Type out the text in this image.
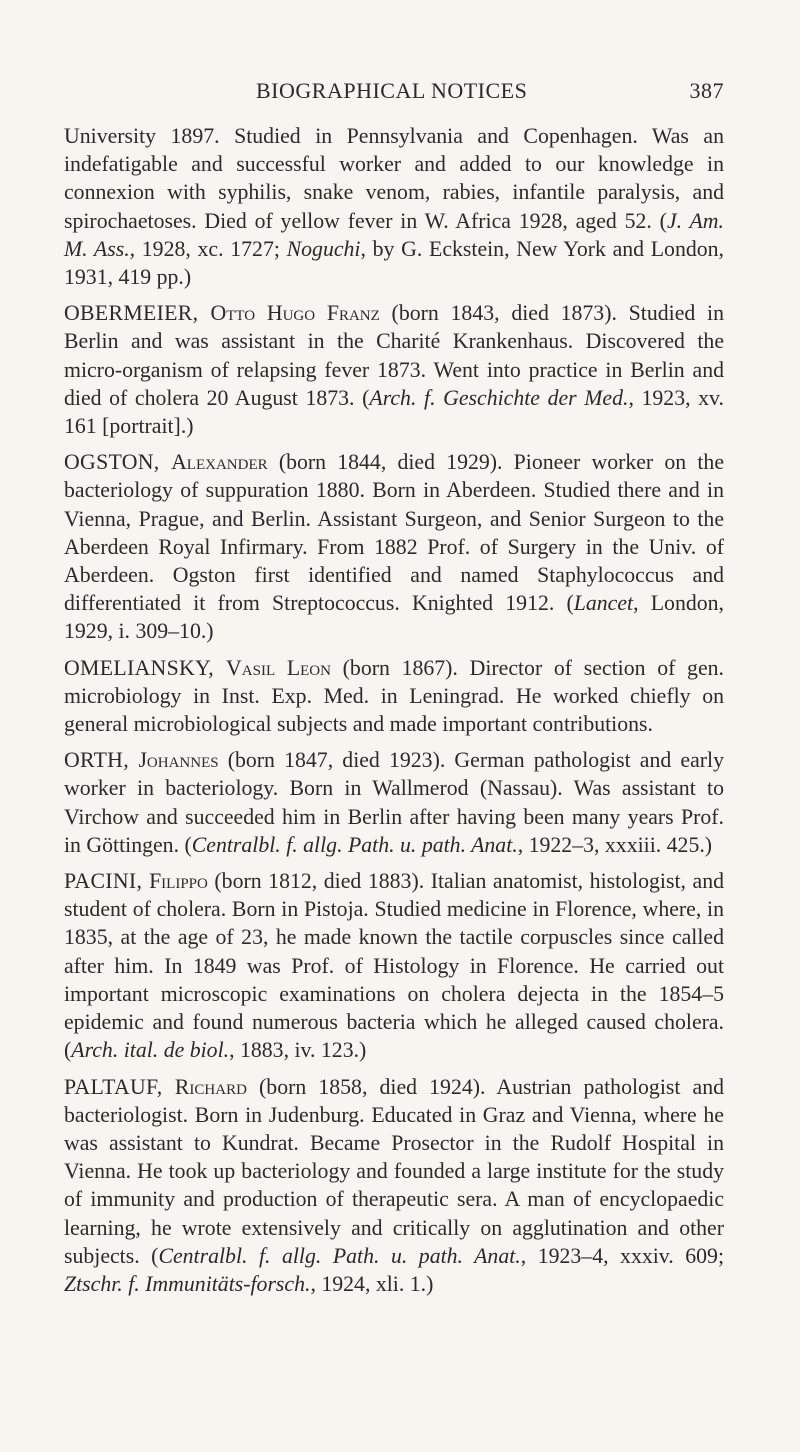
BIOGRAPHICAL NOTICES	387

University 1897. Studied in Pennsylvania and Copenhagen. Was an indefatigable and successful worker and added to our knowledge in connexion with syphilis, snake venom, rabies, infantile paralysis, and spirochaetoses. Died of yellow fever in W. Africa 1928, aged 52. (J. Am. M. Ass., 1928, xc. 1727; Noguchi, by G. Eckstein, New York and London, 1931, 419 pp.)

OBERMEIER, Otto Hugo Franz (born 1843, died 1873). Studied in Berlin and was assistant in the Charité Krankenhaus. Discovered the micro-organism of relapsing fever 1873. Went into practice in Berlin and died of cholera 20 August 1873. (Arch. f. Geschichte der Med., 1923, xv. 161 [portrait].)

OGSTON, Alexander (born 1844, died 1929). Pioneer worker on the bacteriology of suppuration 1880. Born in Aberdeen. Studied there and in Vienna, Prague, and Berlin. Assistant Surgeon, and Senior Surgeon to the Aberdeen Royal Infirmary. From 1882 Prof. of Surgery in the Univ. of Aberdeen. Ogston first identified and named Staphylococcus and differentiated it from Streptococcus. Knighted 1912. (Lancet, London, 1929, i. 309–10.)

OMELIANSKY, Vasil Leon (born 1867). Director of section of gen. microbiology in Inst. Exp. Med. in Leningrad. He worked chiefly on general microbiological subjects and made important contributions.

ORTH, Johannes (born 1847, died 1923). German pathologist and early worker in bacteriology. Born in Wallmerod (Nassau). Was assistant to Virchow and succeeded him in Berlin after having been many years Prof. in Göttingen. (Centralbl. f. allg. Path. u. path. Anat., 1922–3, xxxiii. 425.)

PACINI, Filippo (born 1812, died 1883). Italian anatomist, histologist, and student of cholera. Born in Pistoja. Studied medicine in Florence, where, in 1835, at the age of 23, he made known the tactile corpuscles since called after him. In 1849 was Prof. of Histology in Florence. He carried out important microscopic examinations on cholera dejecta in the 1854–5 epidemic and found numerous bacteria which he alleged caused cholera. (Arch. ital. de biol., 1883, iv. 123.)

PALTAUF, Richard (born 1858, died 1924). Austrian pathologist and bacteriologist. Born in Judenburg. Educated in Graz and Vienna, where he was assistant to Kundrat. Became Prosector in the Rudolf Hospital in Vienna. He took up bacteriology and founded a large institute for the study of immunity and production of therapeutic sera. A man of encyclopaedic learning, he wrote extensively and critically on agglutination and other subjects. (Centralbl. f. allg. Path. u. path. Anat., 1923–4, xxxiv. 609; Ztschr. f. Immunitäts-forsch., 1924, xli. 1.)
